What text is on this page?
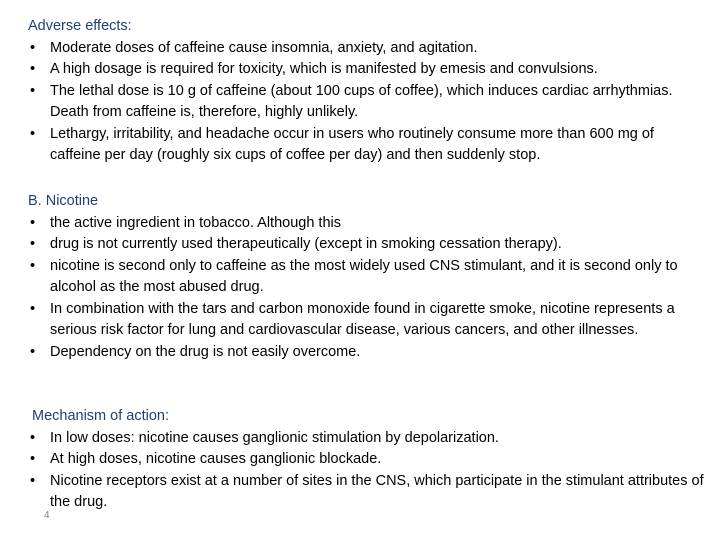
Adverse effects:

•	Moderate doses of caffeine cause insomnia, anxiety, and agitation.
•	A high dosage is required for toxicity, which is manifested by emesis and convulsions.
•	The lethal dose is 10 g of caffeine (about 100 cups of coffee), which induces cardiac arrhythmias. Death from caffeine is, therefore, highly unlikely.
•	Lethargy, irritability, and headache occur in users who routinely consume more than 600 mg of caffeine per day (roughly six cups of coffee per day) and then suddenly stop.

B. Nicotine

•	the active ingredient in tobacco. Although this
•	drug is not currently used therapeutically (except in smoking cessation therapy).
•	nicotine is second only to caffeine as the most widely used CNS stimulant, and it is second only to alcohol as the most abused drug.
•	In combination with the tars and carbon monoxide found in cigarette smoke, nicotine represents a serious risk factor for lung and cardiovascular disease, various cancers, and other illnesses.
•	Dependency on the drug is not easily overcome.

Mechanism of action:

•	In low doses: nicotine causes ganglionic stimulation by depolarization.
•	At high doses, nicotine causes ganglionic blockade.
•	Nicotine receptors exist at a number of sites in the CNS, which participate in the stimulant attributes of the drug.
4
